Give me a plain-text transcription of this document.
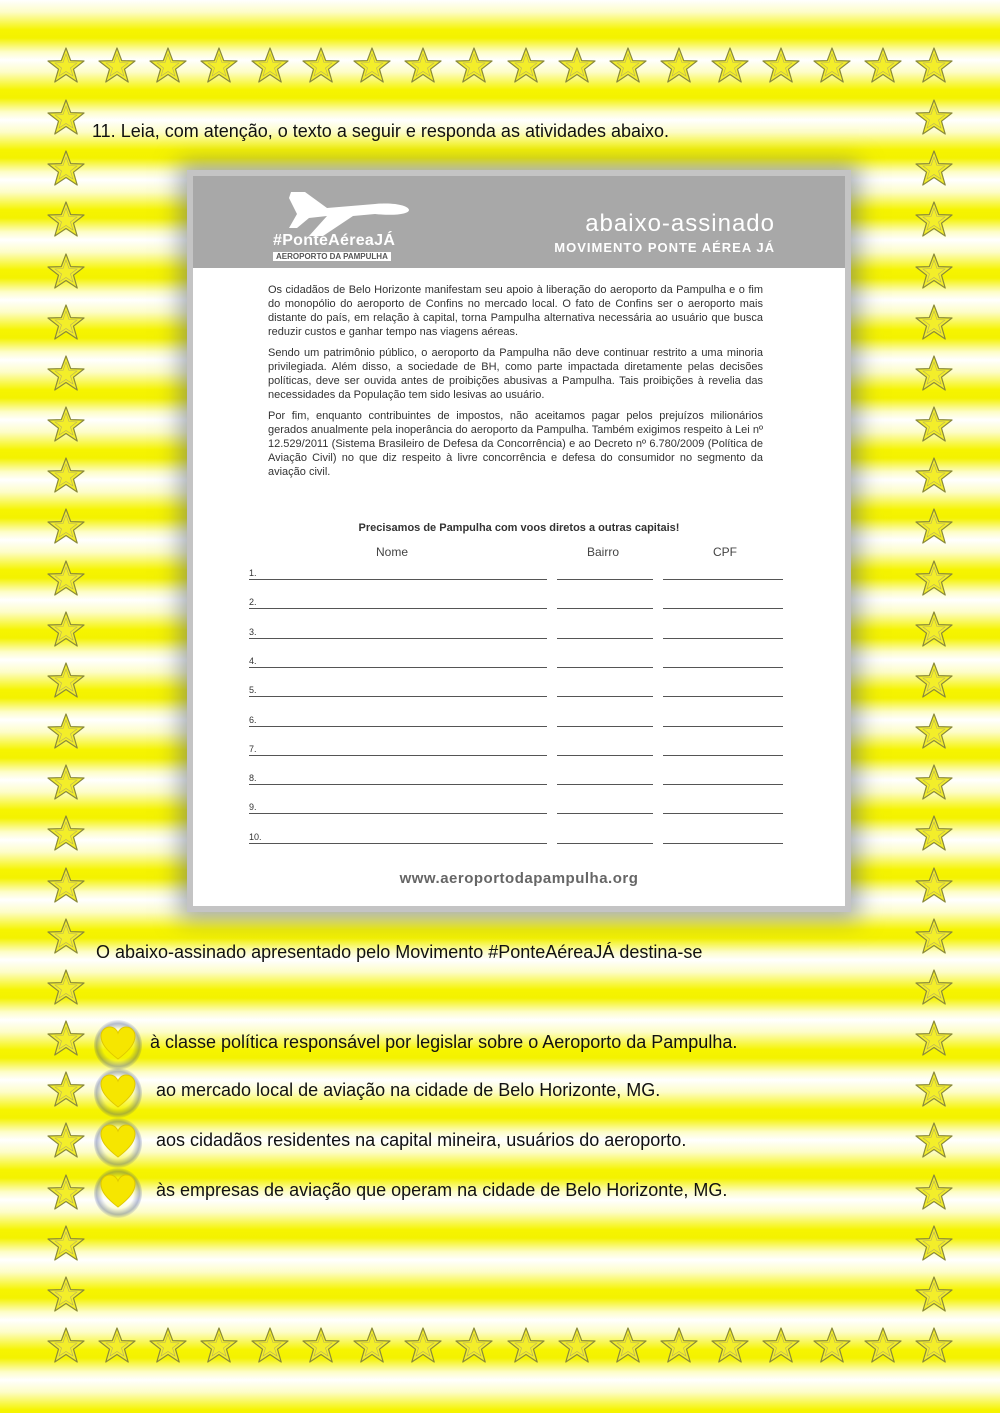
11. Leia, com atenção, o texto a seguir e responda as atividades abaixo.
#PonteAéreaJÁ
AEROPORTO DA PAMPULHA
abaixo-assinado
MOVIMENTO PONTE AÉREA JÁ

Os cidadãos de Belo Horizonte manifestam seu apoio à liberação do aeroporto da Pampulha e o fim do monopólio do aeroporto de Confins no mercado local. O fato de Confins ser o aeroporto mais distante do país, em relação à capital, torna Pampulha alternativa necessária ao usuário que busca reduzir custos e ganhar tempo nas viagens aéreas.

Sendo um patrimônio público, o aeroporto da Pampulha não deve continuar restrito a uma minoria privilegiada. Além disso, a sociedade de BH, como parte impactada diretamente pelas decisões políticas, deve ser ouvida antes de proibições abusivas a Pampulha. Tais proibições à revelia das necessidades da População tem sido lesivas ao usuário.

Por fim, enquanto contribuintes de impostos, não aceitamos pagar pelos prejuízos milionários gerados anualmente pela inoperância do aeroporto da Pampulha. Também exigimos respeito à Lei nº 12.529/2011 (Sistema Brasileiro de Defesa da Concorrência) e ao Decreto nº 6.780/2009 (Política de Aviação Civil) no que diz respeito à livre concorrência e defesa do consumidor no segmento da aviação civil.

Precisamos de Pampulha com voos diretos a outras capitais!
Nome	Bairro	CPF
1.
2.
3.
4.
5.
6.
7.
8.
9.
10.
www.aeroportodapampulha.org
O abaixo-assinado apresentado pelo Movimento #PonteAéreaJÁ destina-se
à classe política responsável por legislar sobre o Aeroporto da Pampulha.
ao mercado local de aviação na cidade de Belo Horizonte, MG.
aos cidadãos residentes na capital mineira, usuários do aeroporto.
às empresas de aviação que operam na cidade de Belo Horizonte, MG.
